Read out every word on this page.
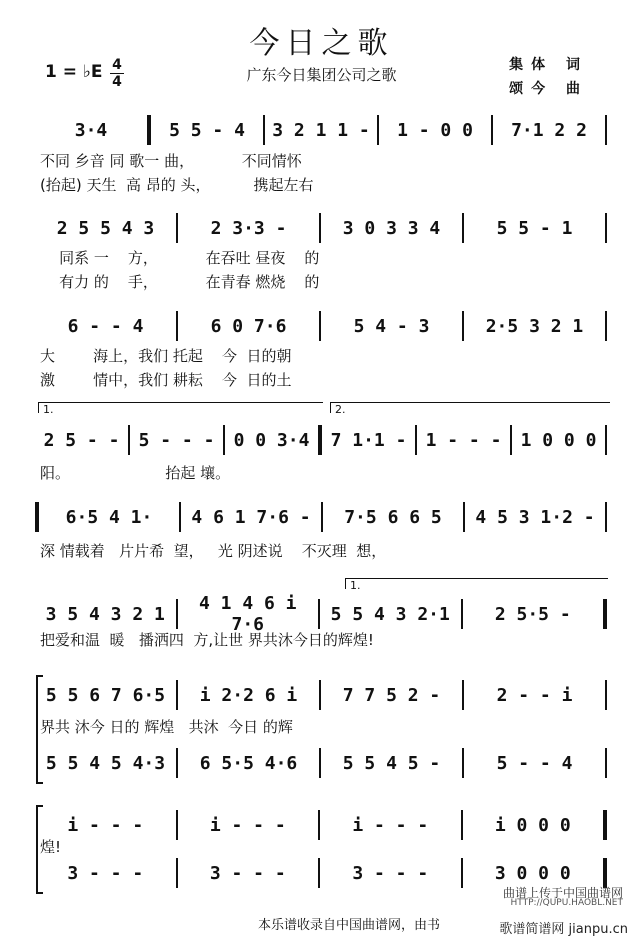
今日之歌
广东今日集团公司之歌
1 = ♭E 4
4
集体 词
颂今 曲
3·4	5 5 - 4	3 2 1 1 -	1 - 0 0	7·1 2 2
不同 乡音 同 歌一 曲，          不同情怀
(抬起) 天生  高 昂的 头，         携起左右
2 5 5 4 3	2 3·3 -	3 0 3 3 4	5 5 - 1
同系 一    方，          在吞吐 昼夜    的
有力 的    手，          在青春 燃烧    的
6 - - 4	6 0 7·6	5 4 - 3	2·5 3 2 1
大        海上，我们 托起    今  日的朝
激        情中，我们 耕耘    今  日的土
1.	2.
2 5 - -	5 - - -	0 0 3·4	7 1·1 -	1 - - -	1 0 0 0
阳。                    抬起 壤。
6·5 4 1·	4 6 1 7·6 -	7·5 6 6 5	4 5 3 1·2 -
深 情载着   片片希  望，   光 阴述说    不灭理  想，
1.
3 5 4 3 2 1	4 1 4 6 i 7·6	5 5 4 3 2·1	2 5·5 -
把爱和温  暖   播洒四  方,让世 界共沐今日的辉煌!
5 5 6 7 6·5	i 2·2 6 i	7 7 5 2 -	2 - - i
界共 沐今 日的 辉煌   共沐  今日 的辉
5 5 4 5 4·3	6 5·5 4·6	5 5 4 5 -	5 - - 4
i - - -	i - - -	i - - -	i 0 0 0
煌!
3 - - -	3 - - -	3 - - -	3 0 0 0
曲谱上传于中国曲谱网
HTTP://QUPU.HAOBL.NET
本乐谱收录自中国曲谱网，由书	歌谱简谱网 jianpu.cn
